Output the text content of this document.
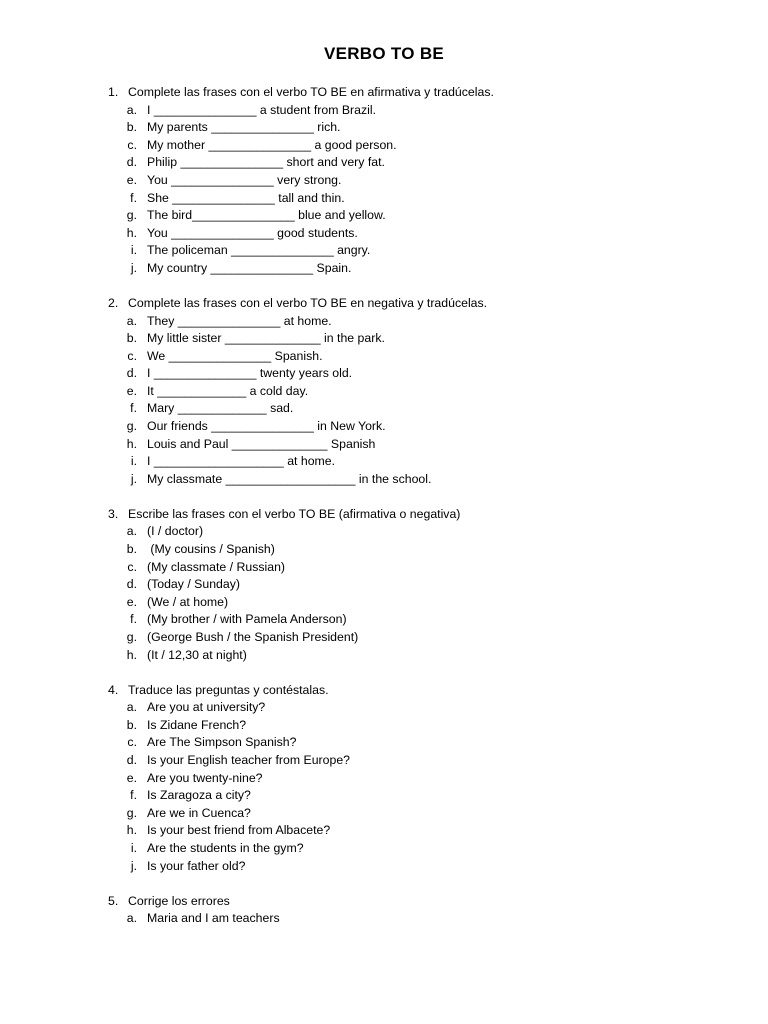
VERBO TO BE
1. Complete las frases con el verbo TO BE en afirmativa y tradúcelas.
a. I _______________ a student from Brazil.
b. My parents _______________ rich.
c. My mother _______________ a good person.
d. Philip _______________ short and very fat.
e. You _______________ very strong.
f. She _______________ tall and thin.
g. The bird_______________ blue and yellow.
h. You _______________ good students.
i. The policeman _______________ angry.
j. My country _______________ Spain.
2. Complete las frases con el verbo TO BE en negativa y tradúcelas.
a. They _______________ at home.
b. My little sister ______________ in the park.
c. We _______________ Spanish.
d. I _______________ twenty years old.
e. It _____________ a cold day.
f. Mary _____________ sad.
g. Our friends _______________ in New York.
h. Louis and Paul ______________ Spanish
i. I ___________________ at home.
j. My classmate ___________________ in the school.
3. Escribe las frases con el verbo TO BE (afirmativa o negativa)
a. (I / doctor)
b. (My cousins / Spanish)
c. (My classmate / Russian)
d. (Today / Sunday)
e. (We / at home)
f. (My brother / with Pamela Anderson)
g. (George Bush / the Spanish President)
h. (It / 12,30 at night)
4. Traduce las preguntas y contéstalas.
a. Are you at university?
b. Is Zidane French?
c. Are The Simpson Spanish?
d. Is your English teacher from Europe?
e. Are you twenty-nine?
f. Is Zaragoza a city?
g. Are we in Cuenca?
h. Is your best friend from Albacete?
i. Are the students in the gym?
j. Is your father old?
5. Corrige los errores
a. Maria and I am teachers
